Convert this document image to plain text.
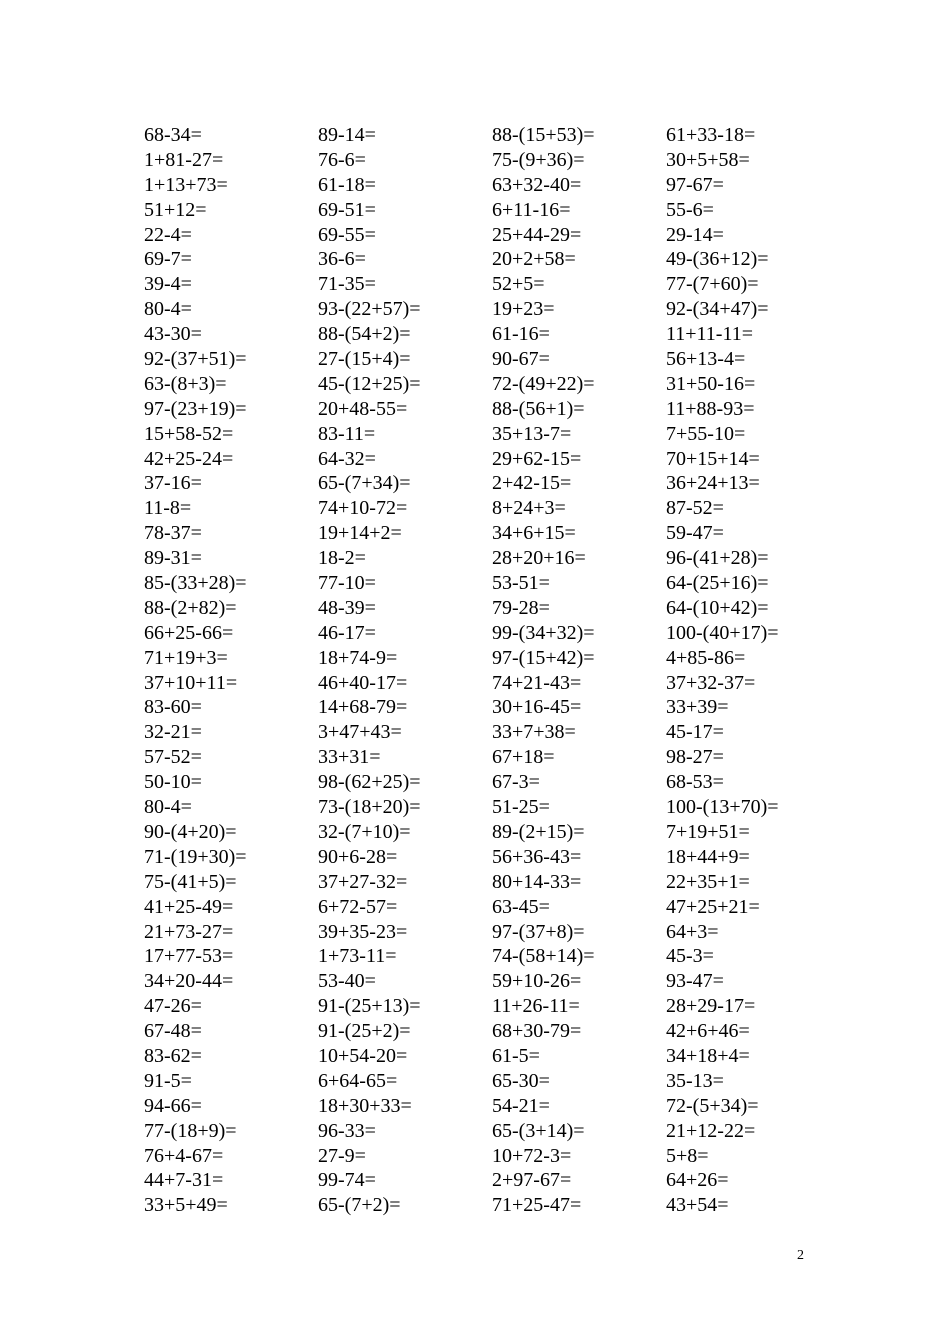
68-34=
1+81-27=
1+13+73=
51+12=
22-4=
69-7=
39-4=
80-4=
43-30=
92-(37+51)=
63-(8+3)=
97-(23+19)=
15+58-52=
42+25-24=
37-16=
11-8=
78-37=
89-31=
85-(33+28)=
88-(2+82)=
66+25-66=
71+19+3=
37+10+11=
83-60=
32-21=
57-52=
50-10=
80-4=
90-(4+20)=
71-(19+30)=
75-(41+5)=
41+25-49=
21+73-27=
17+77-53=
34+20-44=
47-26=
67-48=
83-62=
91-5=
94-66=
77-(18+9)=
76+4-67=
44+7-31=
33+5+49=
89-14=
76-6=
61-18=
69-51=
69-55=
36-6=
71-35=
93-(22+57)=
88-(54+2)=
27-(15+4)=
45-(12+25)=
20+48-55=
83-11=
64-32=
65-(7+34)=
74+10-72=
19+14+2=
18-2=
77-10=
48-39=
46-17=
18+74-9=
46+40-17=
14+68-79=
3+47+43=
33+31=
98-(62+25)=
73-(18+20)=
32-(7+10)=
90+6-28=
37+27-32=
6+72-57=
39+35-23=
1+73-11=
53-40=
91-(25+13)=
91-(25+2)=
10+54-20=
6+64-65=
18+30+33=
96-33=
27-9=
99-74=
65-(7+2)=
88-(15+53)=
75-(9+36)=
63+32-40=
6+11-16=
25+44-29=
20+2+58=
52+5=
19+23=
61-16=
90-67=
72-(49+22)=
88-(56+1)=
35+13-7=
29+62-15=
2+42-15=
8+24+3=
34+6+15=
28+20+16=
53-51=
79-28=
99-(34+32)=
97-(15+42)=
74+21-43=
30+16-45=
33+7+38=
67+18=
67-3=
51-25=
89-(2+15)=
56+36-43=
80+14-33=
63-45=
97-(37+8)=
74-(58+14)=
59+10-26=
11+26-11=
68+30-79=
61-5=
65-30=
54-21=
65-(3+14)=
10+72-3=
2+97-67=
71+25-47=
61+33-18=
30+5+58=
97-67=
55-6=
29-14=
49-(36+12)=
77-(7+60)=
92-(34+47)=
11+11-11=
56+13-4=
31+50-16=
11+88-93=
7+55-10=
70+15+14=
36+24+13=
87-52=
59-47=
96-(41+28)=
64-(25+16)=
64-(10+42)=
100-(40+17)=
4+85-86=
37+32-37=
33+39=
45-17=
98-27=
68-53=
100-(13+70)=
7+19+51=
18+44+9=
22+35+1=
47+25+21=
64+3=
45-3=
93-47=
28+29-17=
42+6+46=
34+18+4=
35-13=
72-(5+34)=
21+12-22=
5+8=
64+26=
43+54=
2
